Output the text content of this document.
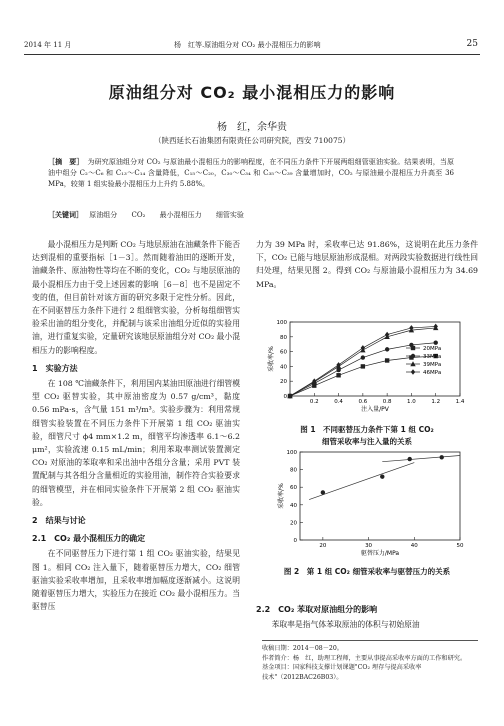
2014 年 11 月	杨　红等.原油组分对 CO₂ 最小混相压力的影响	25
原油组分对 CO₂ 最小混相压力的影响
杨　红，余华贵
（陕西延长石油集团有限责任公司研究院，西安 710075）
［摘　要］ 为研究原油组分对 CO₂ 与原油最小混相压力的影响程度，在不同压力条件下开展两组细管驱油实验。结果表明，当原油中组分 C₂～C₆ 和 C₁₃～C₁₄ 含量降低，C₁₅～C₂₀，C₃₀～C₃₄ 和 C₃₅～C₃₉ 含量增加时，CO₂ 与原油最小混相压力升高至 36 MPa，较第 1 组实验最小混相压力上升约 5.88%。
［关键词］ 原油组分 CO₂ 最小混相压力 细管实验

最小混相压力是判断 CO₂ 与地层原油在油藏条件下能否达到混相的重要指标［1－3］。然而随着油田的逐断开发，油藏条件、原油物性等均在不断的变化，CO₂ 与地层原油的最小混相压力由于受上述因素的影响［6－8］也不是固定不变的值，但目前针对该方面的研究多限于定性分析。因此，在不同驱替压力条件下进行 2 组细管实验，分析每组细管实验采出油的组分变化，并配制与该采出油组分近似的实验用油，进行重复实验，定量研究该地层原油组分对 CO₂ 最小混相压力的影响程度。

1　实验方法

在 108 ℃油藏条件下，利用国内某油田原油进行细管模型 CO₂ 驱替实验，其中原油密度为 0.57 g/cm³，黏度 0.56 mPa·s，含气量 151 m³/m³。实验步骤为：利用常规细管实验装置在不同压力条件下开展第 1 组 CO₂ 驱油实验，细管尺寸 ϕ4 mm×1.2 m，细管平均渗透率 6.1～6.2 μm²，实验流速 0.15 mL/min；利用苯取率测试装置测定 CO₂ 对原油的苯取率和采出油中各组分含量；采用 PVT 装置配制与其各组分含量相近的实验用油，制作符合实验要求的细管模型，并在相同实验条件下开展第 2 组 CO₂ 驱油实验。

2　结果与讨论
2.1　CO₂ 最小混相压力的确定

在不同驱替压力下进行第 1 组 CO₂ 驱油实验，结果见图 1。相同 CO₂ 注入量下，随着驱替压力增大，CO₂ 细管驱油实验采收率增加，且采收率增加幅度逐渐减小。这说明随着驱替压力增大，实验压力在接近 CO₂ 最小混相压力。当驱替压

力为 39 MPa 时，采收率已达 91.86%，这说明在此压力条件下，CO₂ 已能与地层原油形成混相。对两段实验数据进行线性回归处理，结果见图 2。得到 CO₂ 与原油最小混相压力为 34.69 MPa。

0
20
40
60
80
100
0.2	0.4	0.6	0.8	1.0	1.2	1.4
采收率/%
注入量/PV
20MPa
33MPa
39MPa
46MPa
图 1　不同驱替压力条件下第 1 组 CO₂
细管采收率与注入量的关系
0
20
40
60
80
100
20	30	40	50
采收率/%
驱替压力/MPa
图 2　第 1 组 CO₂ 细管采收率与驱替压力的关系
2.2　CO₂ 苯取对原油组分的影响

苯取率是指气体苯取原油的体积与初始原油

收稿日期：2014－08－20。
作者简介：杨　红，助理工程师，主要从事提高采收率方面的工作和研究。
基金项目：国家科技支撑计划课题"CO₂ 埋存与提高采收率
技术"（2012BAC26B03）。
